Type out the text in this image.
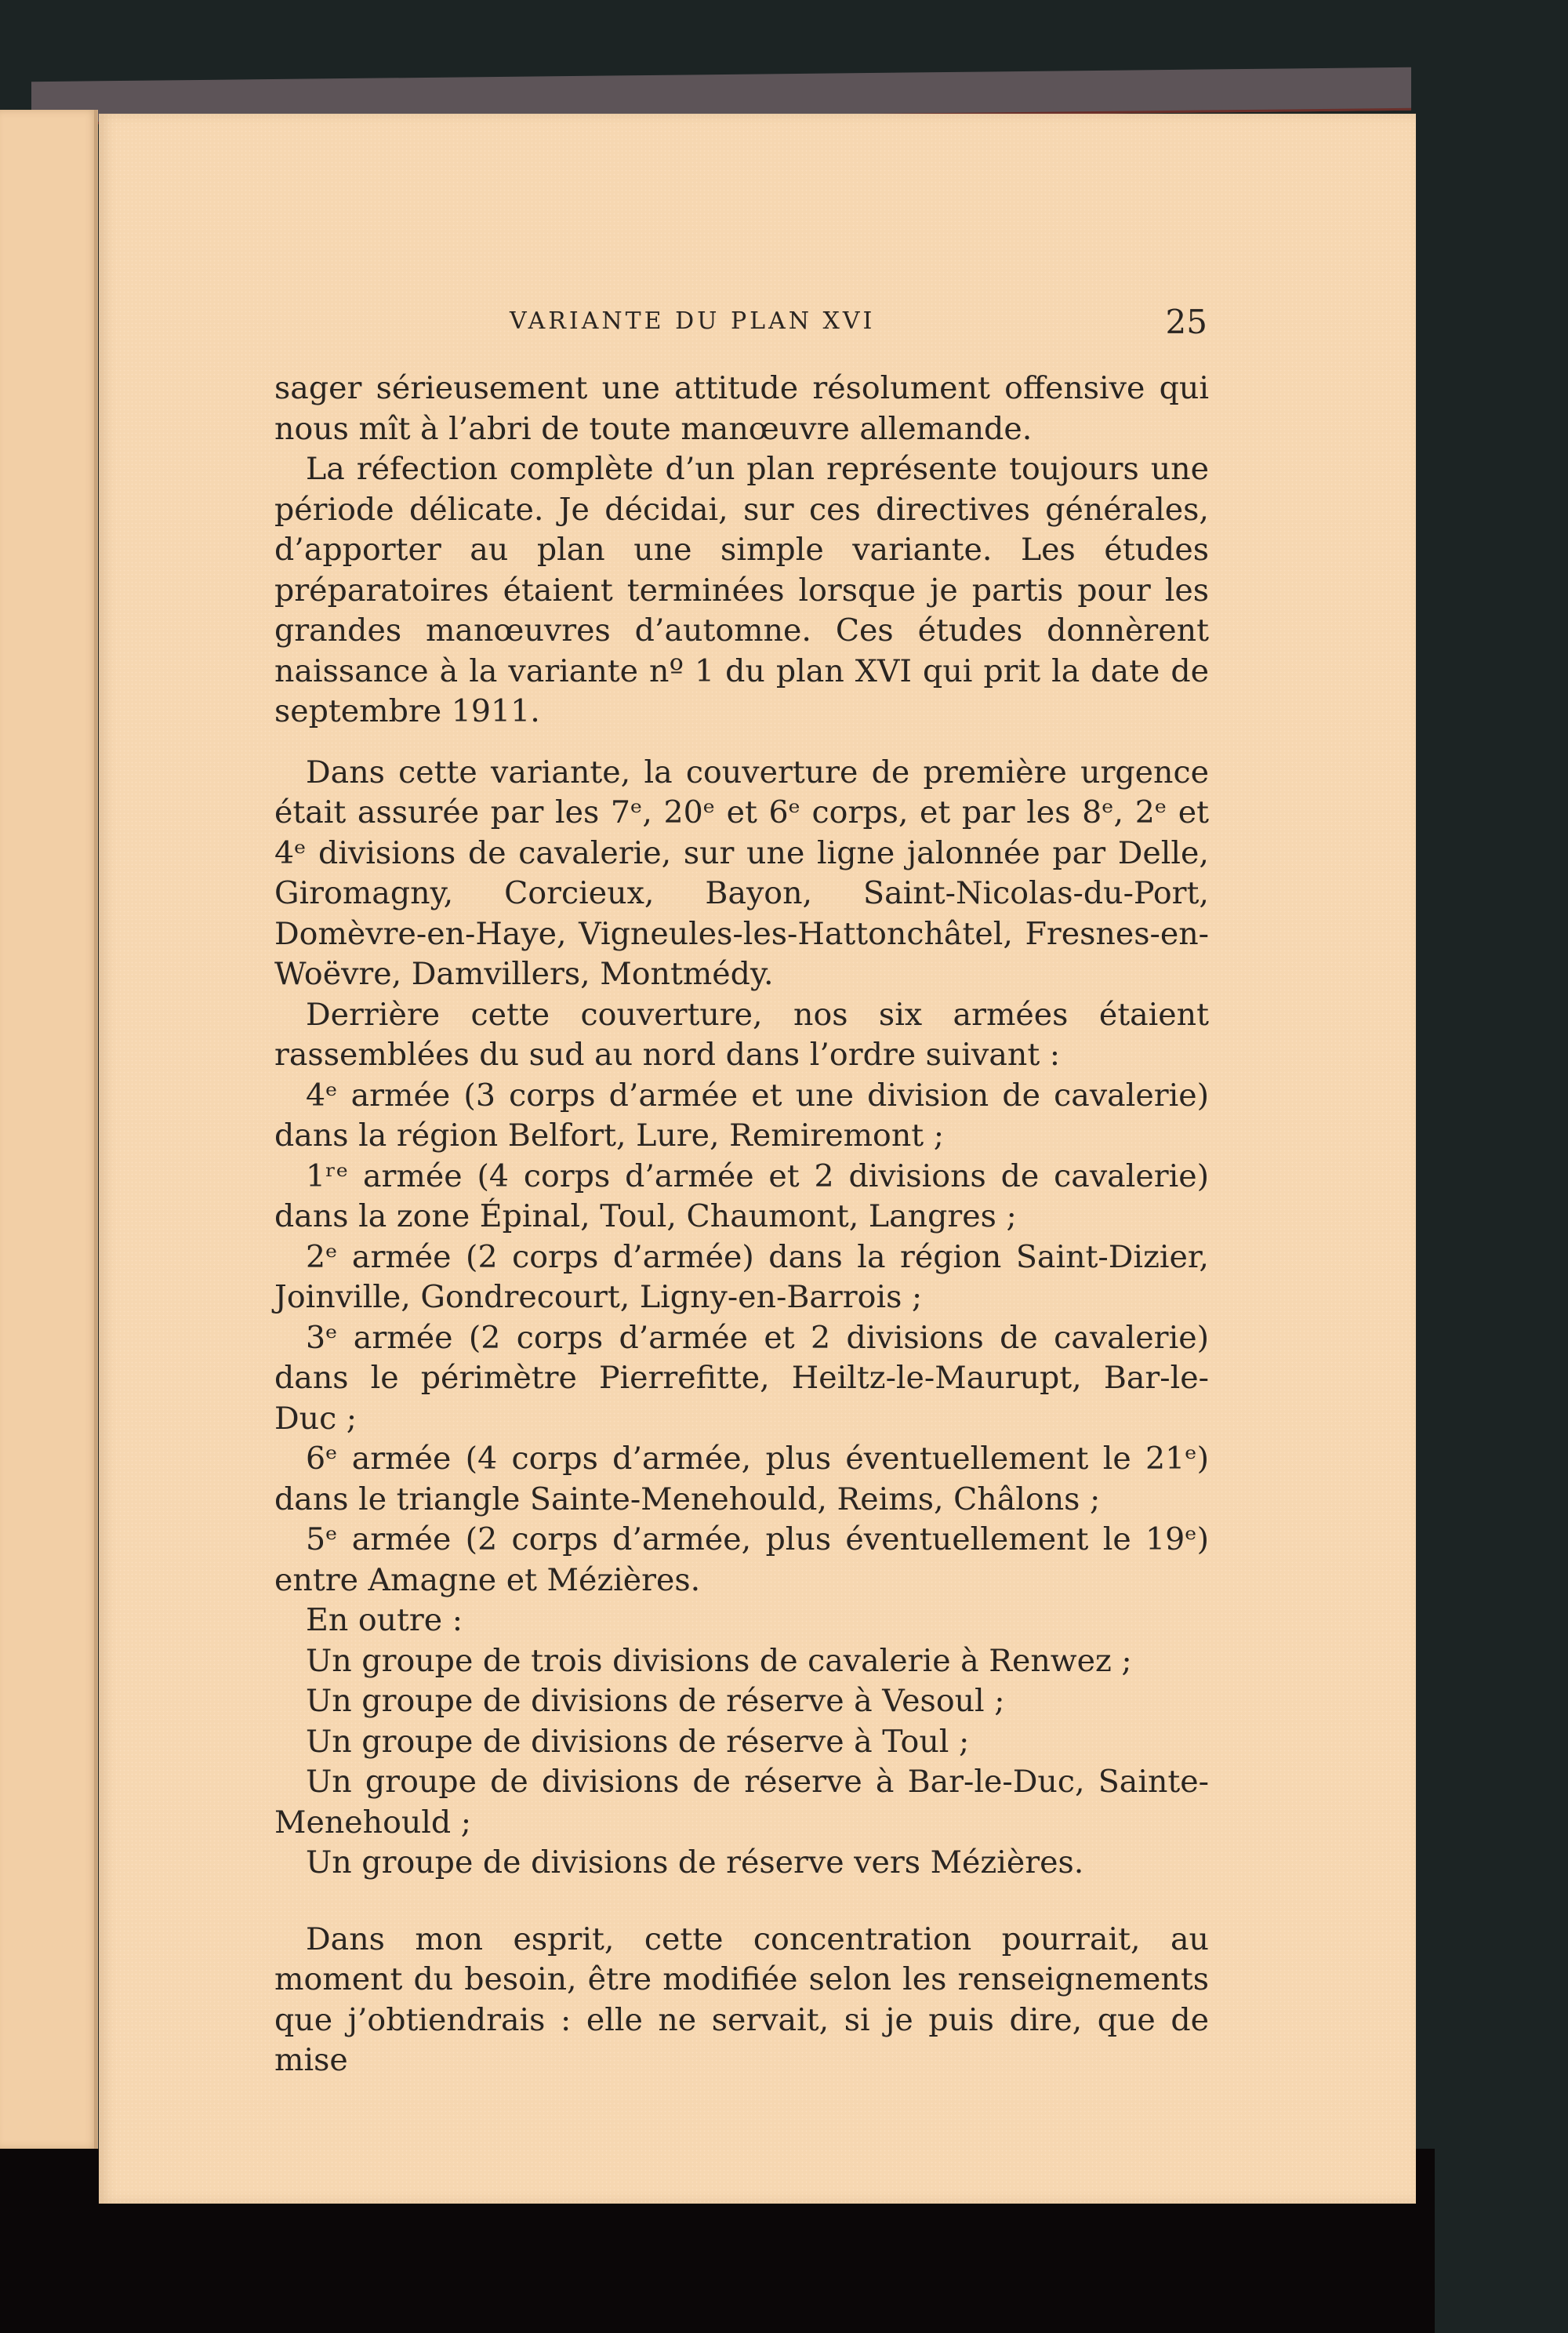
VARIANTE DU PLAN XVI	25

sager sérieusement une attitude résolument offensive qui nous mît à l’abri de toute manœuvre allemande.

La réfection complète d’un plan représente toujours une période délicate. Je décidai, sur ces directives générales, d’apporter au plan une simple variante. Les études préparatoires étaient terminées lorsque je partis pour les grandes manœuvres d’automne. Ces études donnèrent naissance à la variante nº 1 du plan XVI qui prit la date de septembre 1911.

Dans cette variante, la couverture de première urgence était assurée par les 7ᵉ, 20ᵉ et 6ᵉ corps, et par les 8ᵉ, 2ᵉ et 4ᵉ divisions de cavalerie, sur une ligne jalonnée par Delle, Giromagny, Corcieux, Bayon, Saint-Nicolas-du-Port, Domèvre-en-Haye, Vigneules-les-Hattonchâtel, Fresnes-en-Woëvre, Damvillers, Montmédy.

Derrière cette couverture, nos six armées étaient rassemblées du sud au nord dans l’ordre suivant :

4ᵉ armée (3 corps d’armée et une division de cavalerie) dans la région Belfort, Lure, Remiremont ;

1ʳᵉ armée (4 corps d’armée et 2 divisions de cavalerie) dans la zone Épinal, Toul, Chaumont, Langres ;

2ᵉ armée (2 corps d’armée) dans la région Saint-Dizier, Joinville, Gondrecourt, Ligny-en-Barrois ;

3ᵉ armée (2 corps d’armée et 2 divisions de cavalerie) dans le périmètre Pierrefitte, Heiltz-le-Maurupt, Bar-le-Duc ;

6ᵉ armée (4 corps d’armée, plus éventuellement le 21ᵉ) dans le triangle Sainte-Menehould, Reims, Châlons ;

5ᵉ armée (2 corps d’armée, plus éventuellement le 19ᵉ) entre Amagne et Mézières.

En outre :

Un groupe de trois divisions de cavalerie à Renwez ;

Un groupe de divisions de réserve à Vesoul ;

Un groupe de divisions de réserve à Toul ;

Un groupe de divisions de réserve à Bar-le-Duc, Sainte-Menehould ;

Un groupe de divisions de réserve vers Mézières.

Dans mon esprit, cette concentration pourrait, au moment du besoin, être modifiée selon les renseignements que j’obtiendrais : elle ne servait, si je puis dire, que de mise
